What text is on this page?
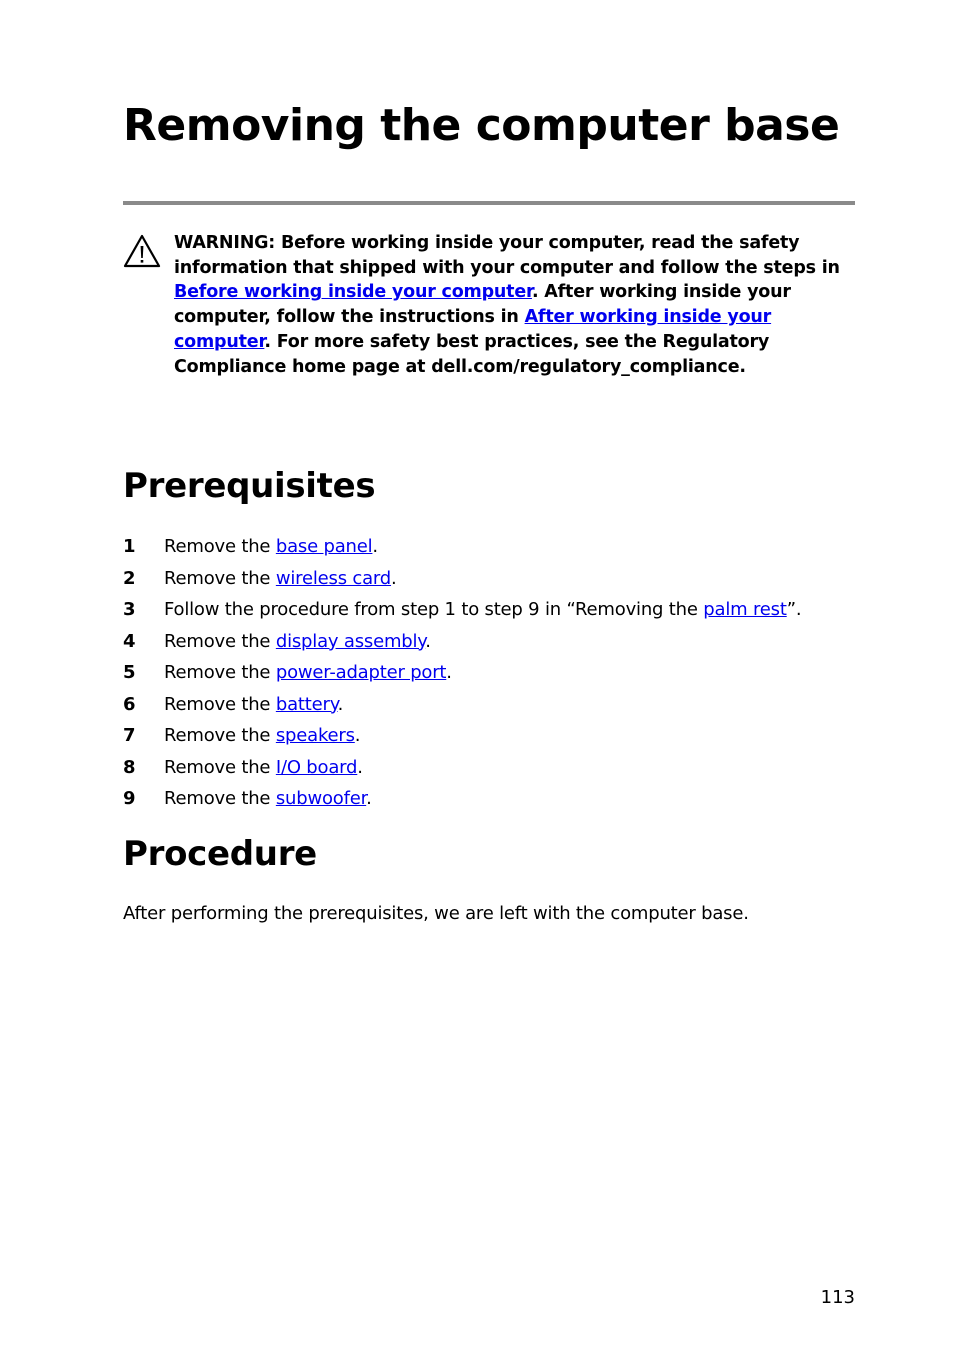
Removing the computer base
WARNING: Before working inside your computer, read the safety information that shipped with your computer and follow the steps in Before working inside your computer. After working inside your computer, follow the instructions in After working inside your computer. For more safety best practices, see the Regulatory Compliance home page at dell.com/regulatory_compliance.
Prerequisites
1 Remove the base panel.
2 Remove the wireless card.
3 Follow the procedure from step 1 to step 9 in “Removing the palm rest”.
4 Remove the display assembly.
5 Remove the power-adapter port.
6 Remove the battery.
7 Remove the speakers.
8 Remove the I/O board.
9 Remove the subwoofer.
Procedure

After performing the prerequisites, we are left with the computer base.

113
